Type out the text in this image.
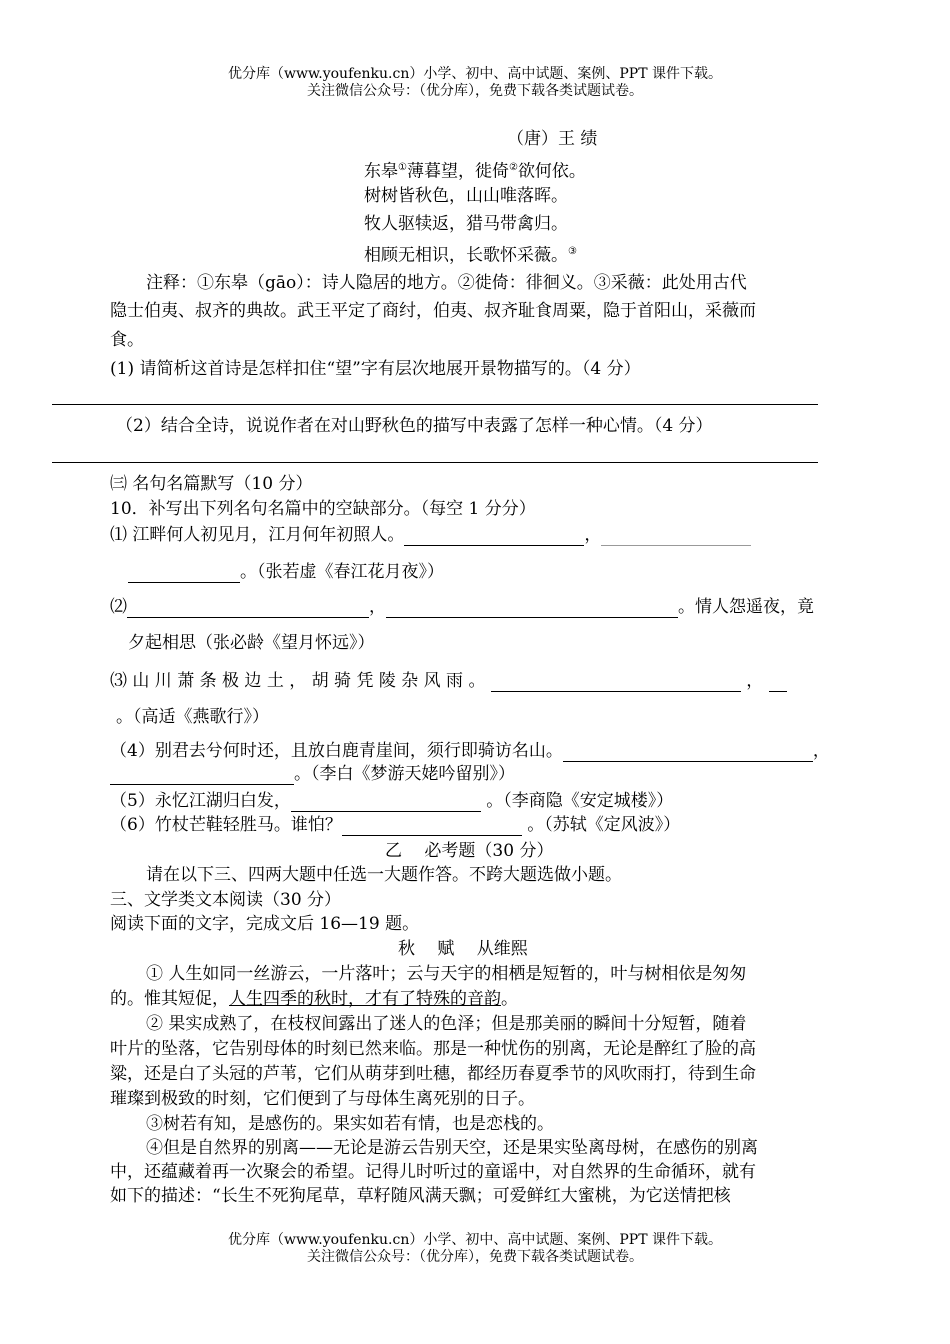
优分库（www.youfenku.cn）小学、初中、高中试题、案例、PPT 课件下载。
关注微信公众号：（优分库），免费下载各类试题试卷。
（唐）王 绩
东皋①薄暮望，徙倚②欲何依。
树树皆秋色，山山唯落晖。
牧人驱犊返，猎马带禽归。
相顾无相识，长歌怀采薇。③
注释：①东皋（gāo）：诗人隐居的地方。②徙倚：徘徊义。③采薇：此处用古代
隐士伯夷、叔齐的典故。武王平定了商纣，伯夷、叔齐耻食周粟，隐于首阳山，采薇而
食。
(1) 请简析这首诗是怎样扣住“望”字有层次地展开景物描写的。（4 分）
（2）结合全诗，说说作者在对山野秋色的描写中表露了怎样一种心情。（4 分）
㈢ 名句名篇默写（10 分）
10．补写出下列名句名篇中的空缺部分。（每空 1 分分）
⑴ 江畔何人初见月，江月何年初照人。	，
。（张若虚《春江花月夜》）
⑵	，	。情人怨遥夜，竟
夕起相思（张必龄《望月怀远》）
⑶ 山 川 萧 条 极 边 土 ， 胡 骑 凭 陵 杂 风 雨 。	，
。（高适《燕歌行》）
（4）别君去兮何时还，且放白鹿青崖间，须行即骑访名山。	，
。（李白《梦游天姥吟留别》）
（5）永忆江湖归白发，	。（李商隐《安定城楼》）
（6）竹杖芒鞋轻胜马。谁怕？	。（苏轼《定风波》）
乙　 必考题（30 分）
请在以下三、四两大题中任选一大题作答。不跨大题选做小题。
三、文学类文本阅读（30 分）
阅读下面的文字，完成文后 16—19 题。
秋　 赋　 从维熙
① 人生如同一丝游云，一片落叶；云与天宇的相栖是短暂的，叶与树相依是匆匆
的。惟其短促，人生四季的秋时，才有了特殊的音韵。
② 果实成熟了，在枝杈间露出了迷人的色泽；但是那美丽的瞬间十分短暂，随着
叶片的坠落，它告别母体的时刻已然来临。那是一种忧伤的别离，无论是醉红了脸的高
粱，还是白了头冠的芦苇，它们从萌芽到吐穗，都经历春夏季节的风吹雨打，待到生命
璀璨到极致的时刻，它们便到了与母体生离死别的日子。
③树若有知，是感伤的。果实如若有情，也是恋栈的。
④但是自然界的别离——无论是游云告别天空，还是果实坠离母树，在感伤的别离
中，还蕴藏着再一次聚会的希望。记得儿时听过的童谣中，对自然界的生命循环，就有
如下的描述：“长生不死狗尾草，草籽随风满天飘；可爱鲜红大蜜桃，为它送情把核
优分库（www.youfenku.cn）小学、初中、高中试题、案例、PPT 课件下载。
关注微信公众号：（优分库），免费下载各类试题试卷。
